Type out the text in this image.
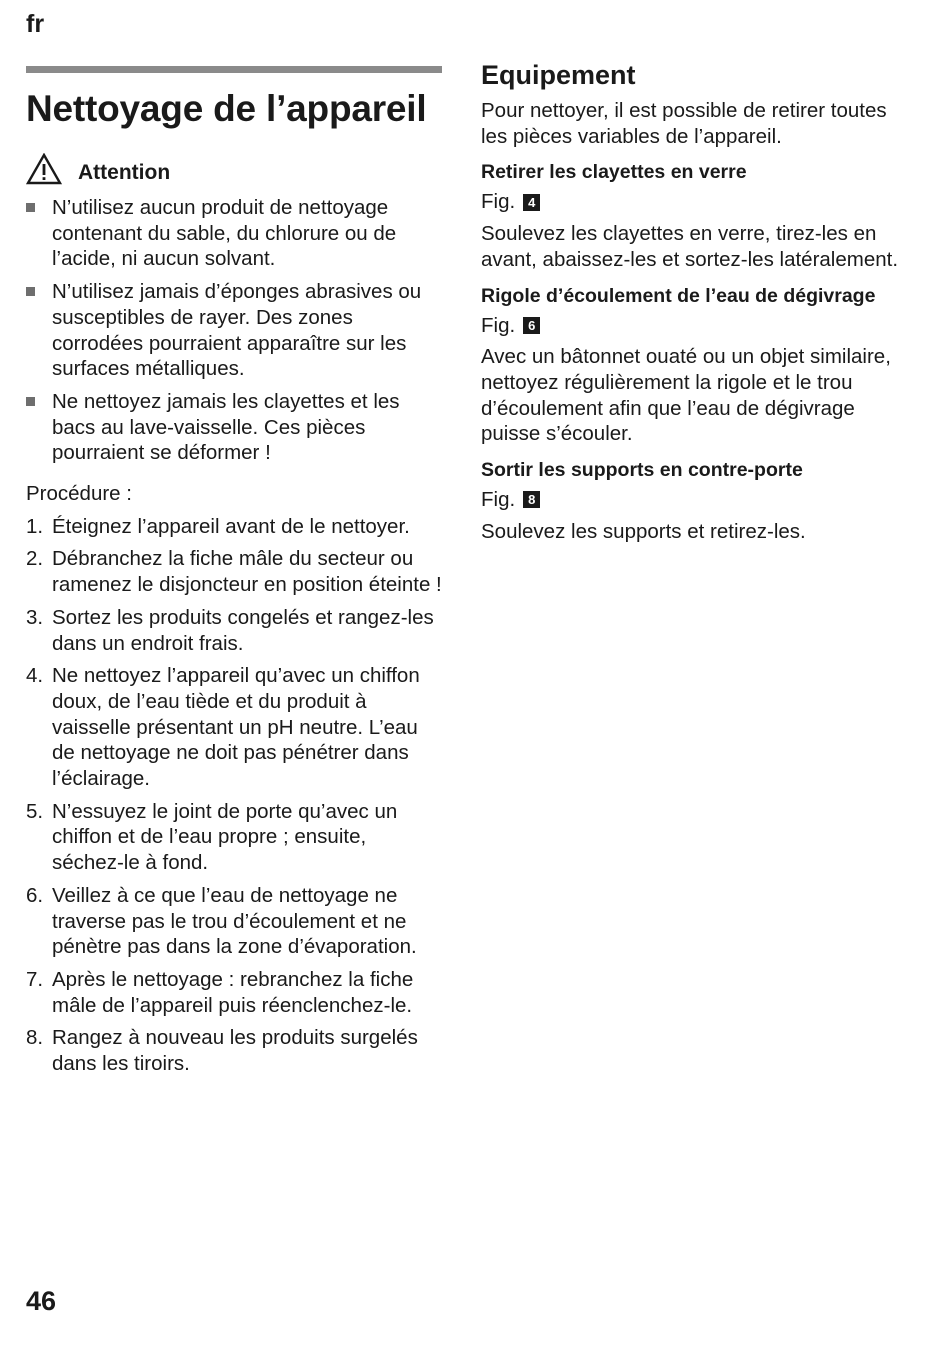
fr
Nettoyage de l’appareil
Attention
N’utilisez aucun produit de nettoyage contenant du sable, du chlorure ou de l’acide, ni aucun solvant.
N’utilisez jamais d’éponges abrasives ou susceptibles de rayer. Des zones corrodées pourraient apparaître sur les surfaces métalliques.
Ne nettoyez jamais les clayettes et les bacs au lave-vaisselle. Ces pièces pourraient se déformer !
Procédure :
1. Éteignez l’appareil avant de le nettoyer.
2. Débranchez la fiche mâle du secteur ou ramenez le disjoncteur en position éteinte !
3. Sortez les produits congelés et rangez-les dans un endroit frais.
4. Ne nettoyez l’appareil qu’avec un chiffon doux, de l’eau tiède et du produit à vaisselle présentant un pH neutre. L’eau de nettoyage ne doit pas pénétrer dans l’éclairage.
5. N’essuyez le joint de porte qu’avec un chiffon et de l’eau propre ; ensuite, séchez-le à fond.
6. Veillez à ce que l’eau de nettoyage ne traverse pas le trou d’écoulement et ne pénètre pas dans la zone d’évaporation.
7. Après le nettoyage : rebranchez la fiche mâle de l’appareil puis réenclenchez-le.
8. Rangez à nouveau les produits surgelés dans les tiroirs.
Equipement
Pour nettoyer, il est possible de retirer toutes les pièces variables de l’appareil.
Retirer les clayettes en verre
Fig. 4
Soulevez les clayettes en verre, tirez-les en avant, abaissez-les et sortez-les latéralement.
Rigole d’écoulement de l’eau de dégivrage
Fig. 6
Avec un bâtonnet ouaté ou un objet similaire, nettoyez régulièrement la rigole et le trou d’écoulement afin que l’eau de dégivrage puisse s’écouler.
Sortir les supports en contre-porte
Fig. 8
Soulevez les supports et retirez-les.
46
